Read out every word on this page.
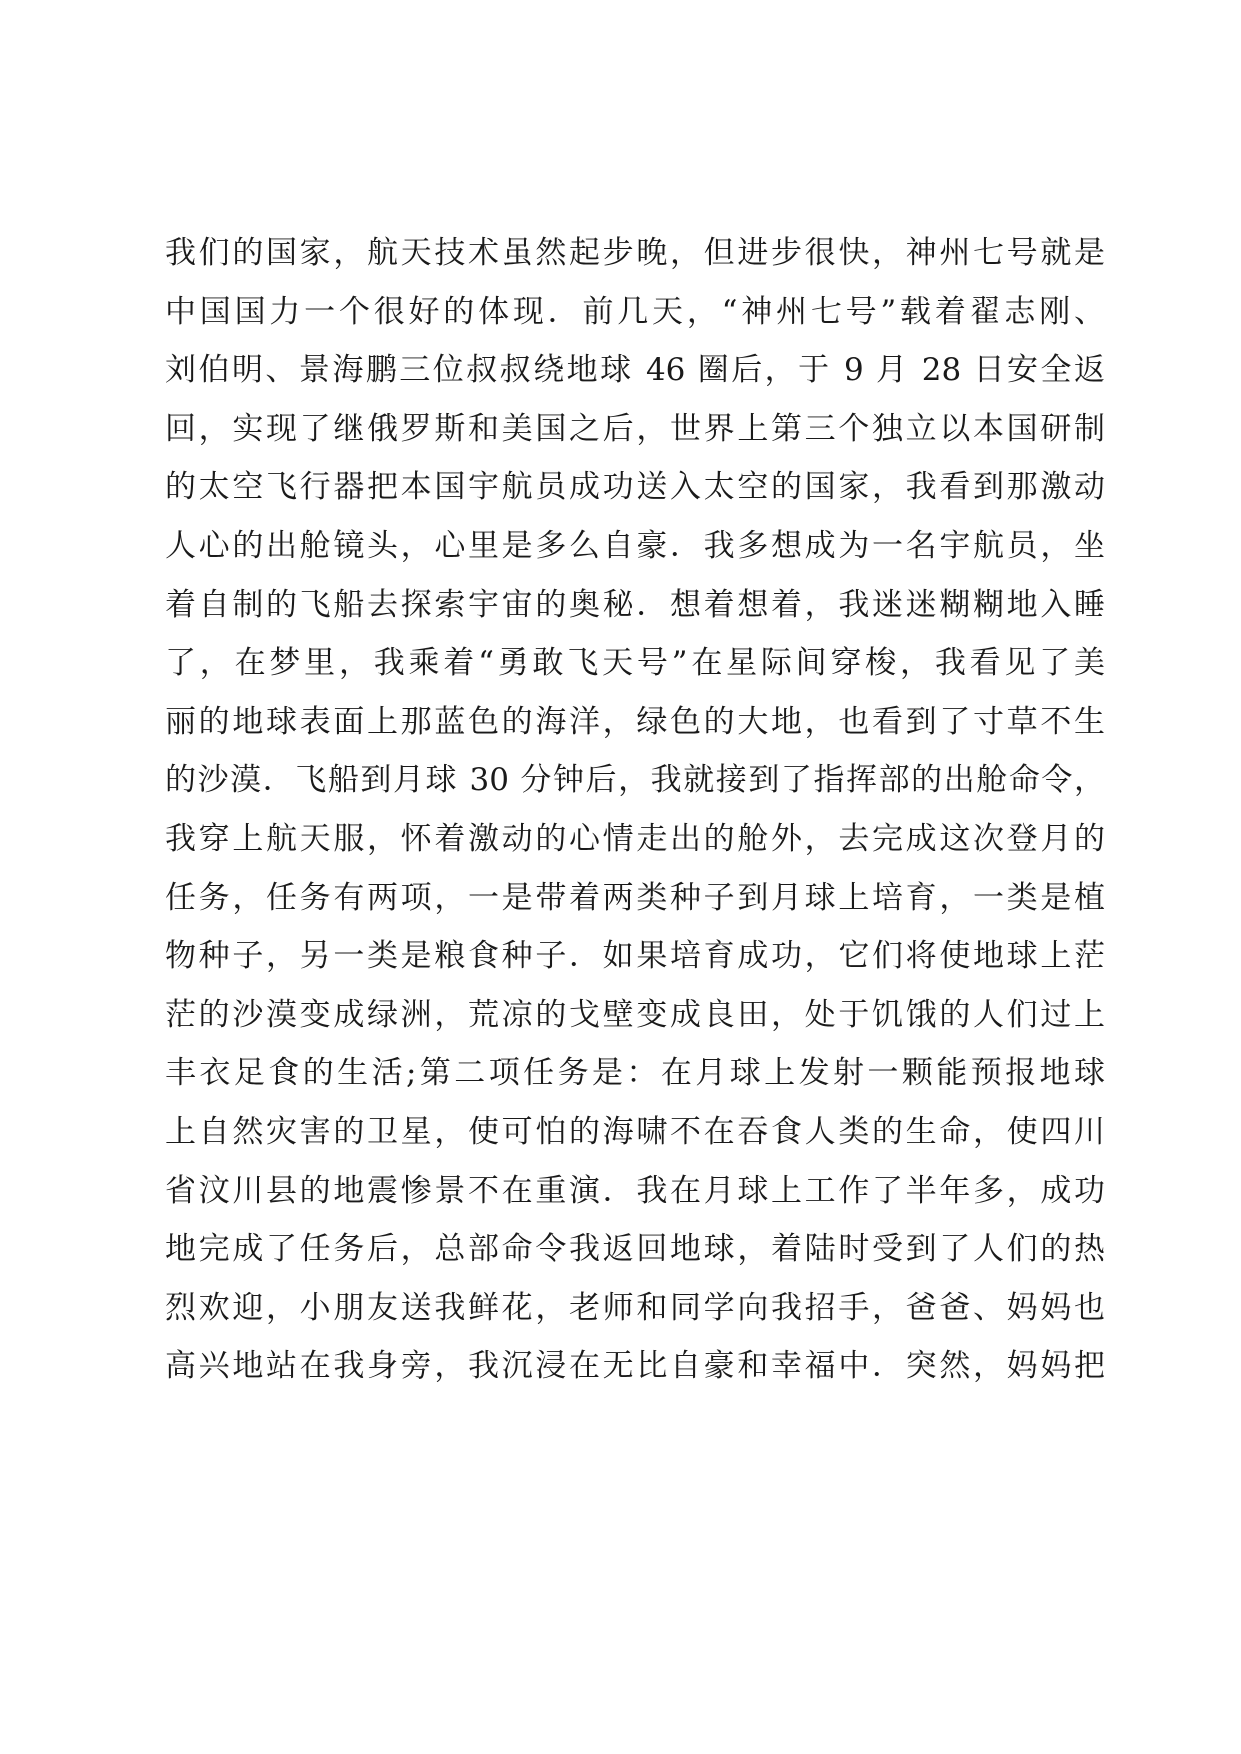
我们的国家，航天技术虽然起步晚，但进步很快，神州七号就是
中国国力一个很好的体现．前几天，“神州七号”载着翟志刚、
刘伯明、景海鹏三位叔叔绕地球 46 圈后，于 9 月 28 日安全返
回，实现了继俄罗斯和美国之后，世界上第三个独立以本国研制
的太空飞行器把本国宇航员成功送入太空的国家，我看到那激动
人心的出舱镜头，心里是多么自豪．我多想成为一名宇航员，坐
着自制的飞船去探索宇宙的奥秘．想着想着，我迷迷糊糊地入睡
了，在梦里，我乘着“勇敢飞天号”在星际间穿梭，我看见了美
丽的地球表面上那蓝色的海洋，绿色的大地，也看到了寸草不生
的沙漠．飞船到月球 30 分钟后，我就接到了指挥部的出舱命令，
我穿上航天服，怀着激动的心情走出的舱外，去完成这次登月的
任务，任务有两项，一是带着两类种子到月球上培育，一类是植
物种子，另一类是粮食种子．如果培育成功，它们将使地球上茫
茫的沙漠变成绿洲，荒凉的戈壁变成良田，处于饥饿的人们过上
丰衣足食的生活;第二项任务是：在月球上发射一颗能预报地球
上自然灾害的卫星，使可怕的海啸不在吞食人类的生命，使四川
省汶川县的地震惨景不在重演．我在月球上工作了半年多，成功
地完成了任务后，总部命令我返回地球，着陆时受到了人们的热
烈欢迎，小朋友送我鲜花，老师和同学向我招手，爸爸、妈妈也
高兴地站在我身旁，我沉浸在无比自豪和幸福中．突然，妈妈把
